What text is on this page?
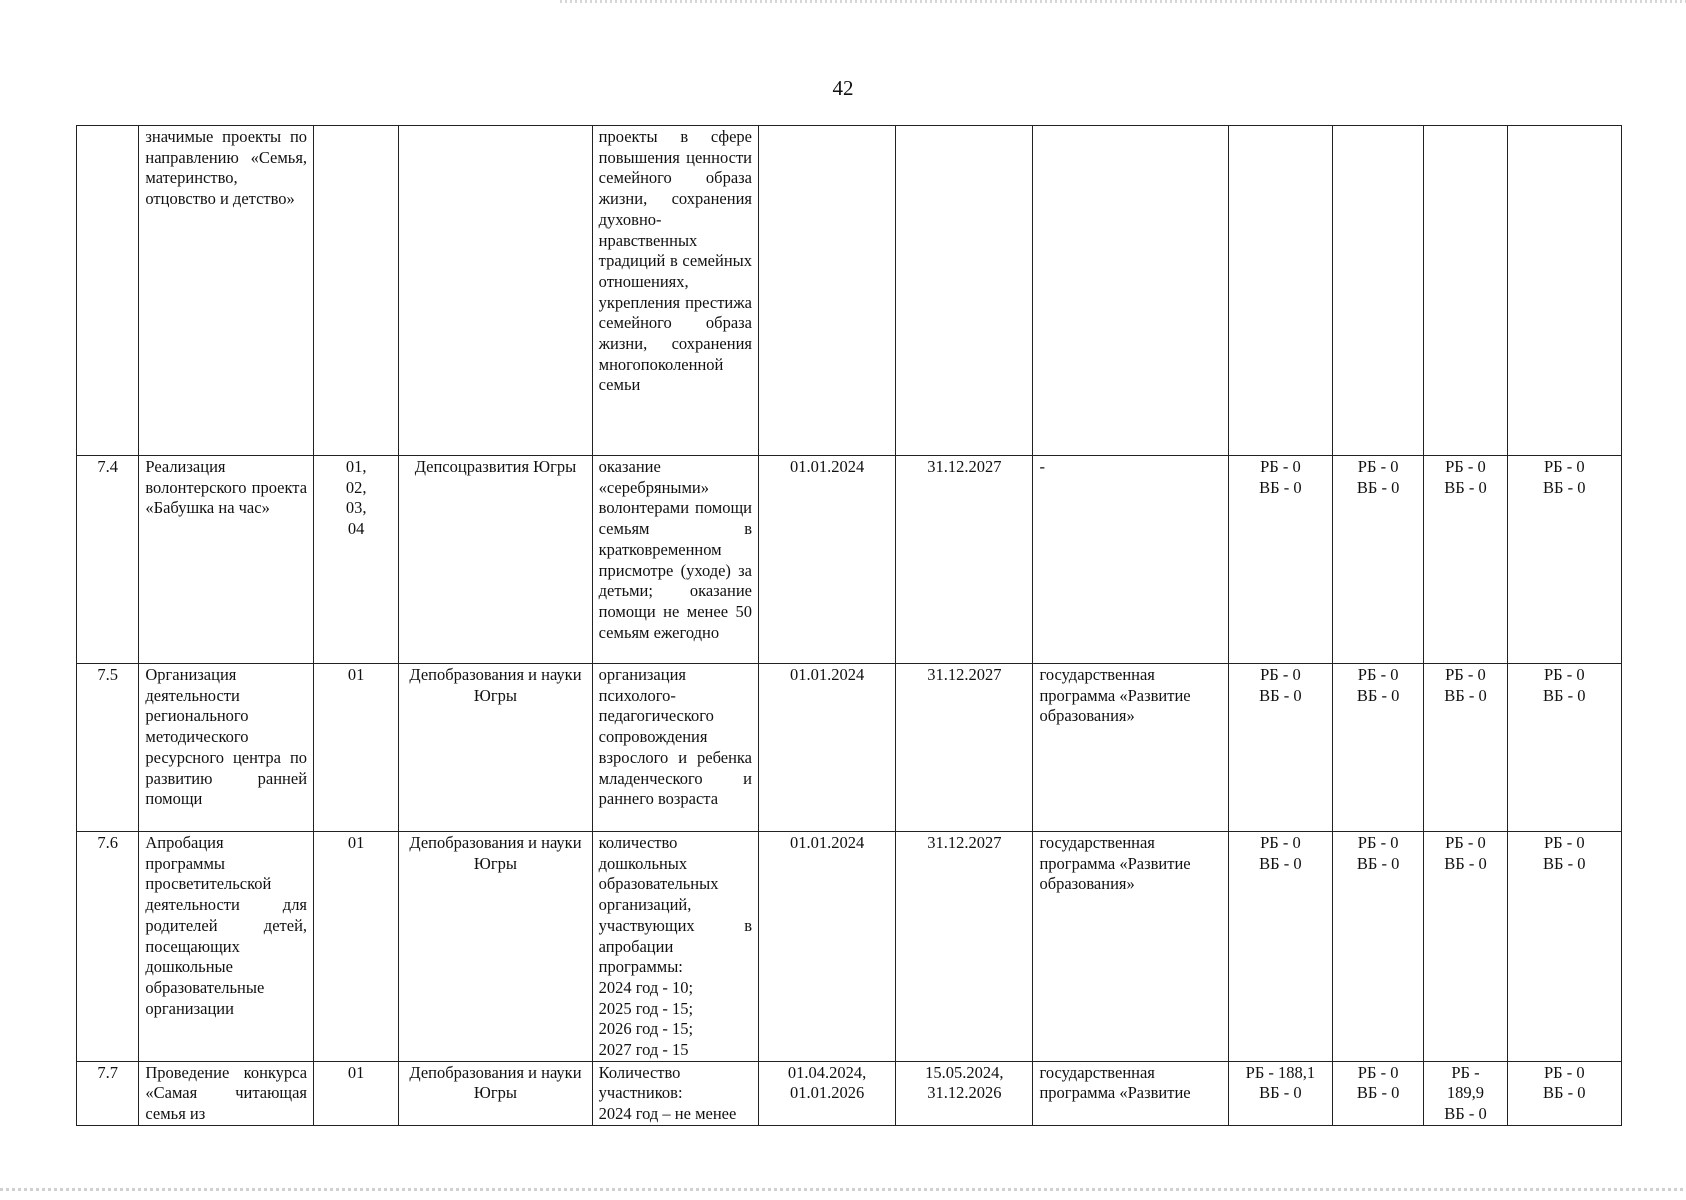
42
	значимые проекты по направлению «Семья, материнство, отцовство и детство»			проекты в сфере повышения ценности семейного образа жизни, сохранения духовно-нравственных традиций в семейных отношениях, укрепления престижа семейного образа жизни, сохранения многопоколенной семьи							
7.4	Реализация волонтерского проекта «Бабушка на час»	01,
02,
03,
04	Депсоцразвития Югры	оказание «серебряными» волонтерами помощи семьям в кратковременном присмотре (уходе) за детьми; оказание помощи не менее 50 семьям ежегодно	01.01.2024	31.12.2027	-	РБ - 0
ВБ - 0	РБ - 0
ВБ - 0	РБ - 0
ВБ - 0	РБ - 0
ВБ - 0
7.5	Организация деятельности регионального методического ресурсного центра по развитию ранней помощи	01	Депобразования и науки Югры	организация психолого-педагогического сопровождения взрослого и ребенка младенческого и раннего возраста	01.01.2024	31.12.2027	государственная программа «Развитие образования»	РБ - 0
ВБ - 0	РБ - 0
ВБ - 0	РБ - 0
ВБ - 0	РБ - 0
ВБ - 0
7.6	Апробация программы просветительской деятельности для родителей детей, посещающих дошкольные образовательные организации	01	Депобразования и науки Югры	количество дошкольных образовательных организаций, участвующих в апробации программы:
2024 год - 10;
2025 год - 15;
2026 год - 15;
2027 год - 15	01.01.2024	31.12.2027	государственная программа «Развитие образования»	РБ - 0
ВБ - 0	РБ - 0
ВБ - 0	РБ - 0
ВБ - 0	РБ - 0
ВБ - 0
7.7	Проведение конкурса «Самая читающая семья из	01	Депобразования и науки Югры	Количество участников:
2024 год – не менее	01.04.2024,
01.01.2026	15.05.2024,
31.12.2026	государственная программа «Развитие	РБ - 188,1
ВБ - 0	РБ - 0
ВБ - 0	РБ -
189,9
ВБ - 0	РБ - 0
ВБ - 0
